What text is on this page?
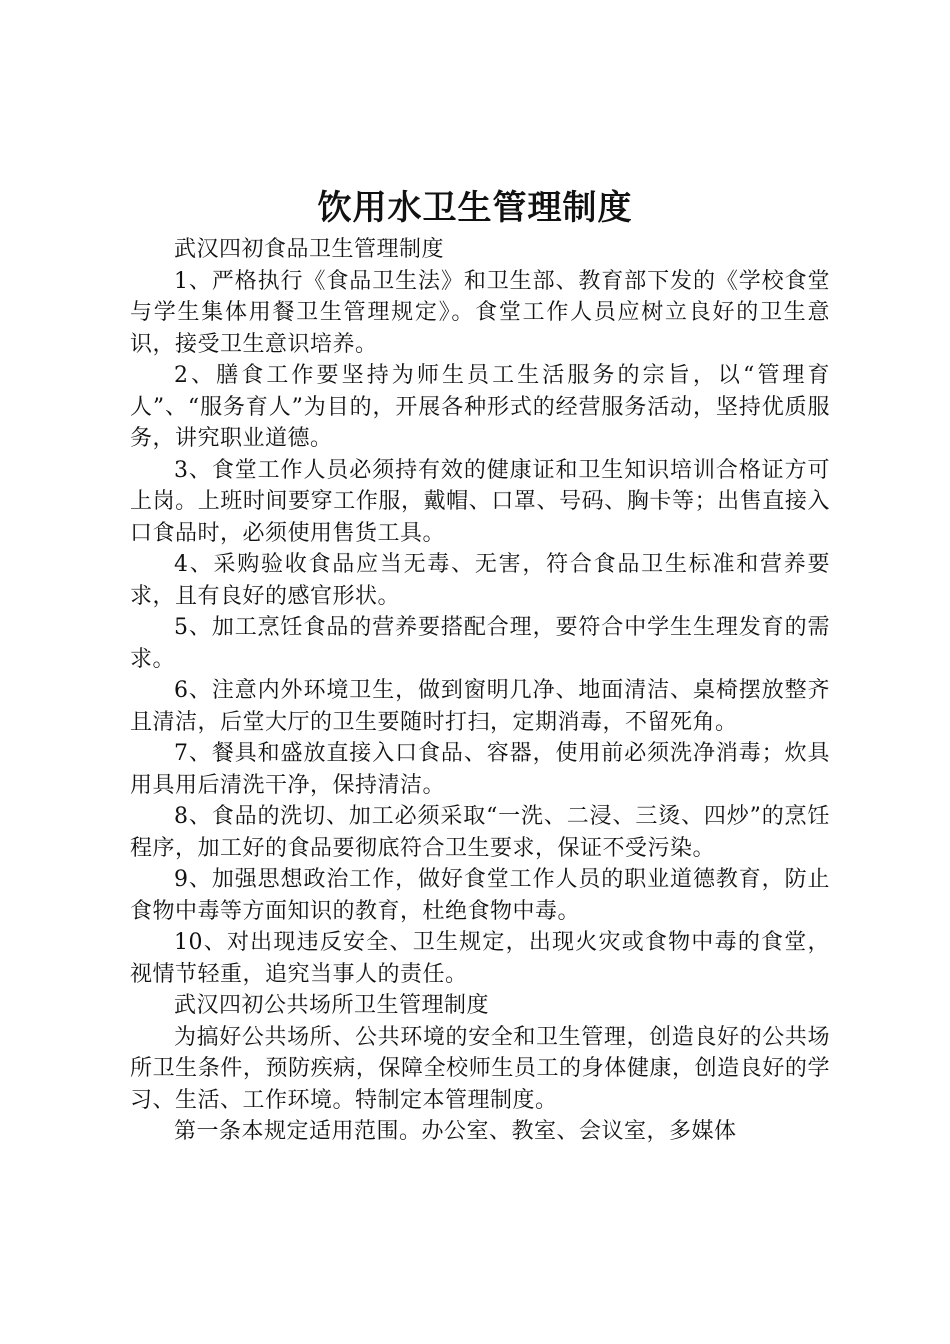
饮用水卫生管理制度

武汉四初食品卫生管理制度

1、严格执行《食品卫生法》和卫生部、教育部下发的《学校食堂与学生集体用餐卫生管理规定》。食堂工作人员应树立良好的卫生意识，接受卫生意识培养。

2、膳食工作要坚持为师生员工生活服务的宗旨，以“管理育人”、“服务育人”为目的，开展各种形式的经营服务活动，坚持优质服务，讲究职业道德。

3、食堂工作人员必须持有效的健康证和卫生知识培训合格证方可上岗。上班时间要穿工作服，戴帽、口罩、号码、胸卡等；出售直接入口食品时，必须使用售货工具。

4、采购验收食品应当无毒、无害，符合食品卫生标准和营养要求，且有良好的感官形状。

5、加工烹饪食品的营养要搭配合理，要符合中学生生理发育的需求。

6、注意内外环境卫生，做到窗明几净、地面清洁、桌椅摆放整齐且清洁，后堂大厅的卫生要随时打扫，定期消毒，不留死角。

7、餐具和盛放直接入口食品、容器，使用前必须洗净消毒；炊具用具用后清洗干净，保持清洁。

8、食品的洗切、加工必须采取“一洗、二浸、三烫、四炒”的烹饪程序，加工好的食品要彻底符合卫生要求，保证不受污染。

9、加强思想政治工作，做好食堂工作人员的职业道德教育，防止食物中毒等方面知识的教育，杜绝食物中毒。

10、对出现违反安全、卫生规定，出现火灾或食物中毒的食堂，视情节轻重，追究当事人的责任。

武汉四初公共场所卫生管理制度

为搞好公共场所、公共环境的安全和卫生管理，创造良好的公共场所卫生条件，预防疾病，保障全校师生员工的身体健康，创造良好的学习、生活、工作环境。特制定本管理制度。

第一条本规定适用范围。办公室、教室、会议室，多媒体
